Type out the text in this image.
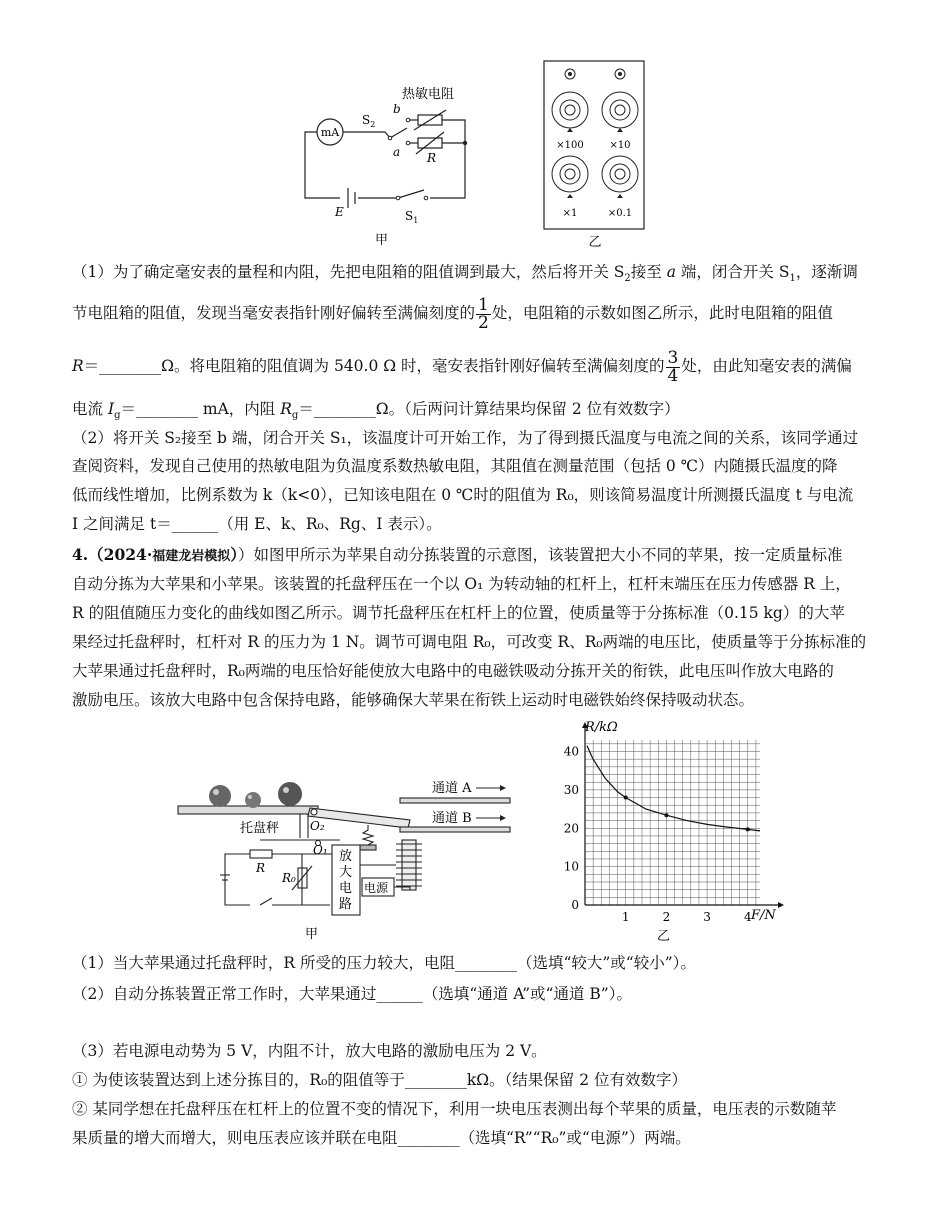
mA
热敏电阻
$S_2$
b
a R
E	$S_1$
甲
×100	×10
×1	×0.1
乙
（1）为了确定毫安表的量程和内阻，先把电阻箱的阻值调到最大，然后将开关 $S_2$接至 a 端，闭合开关 $S_1$，逐渐调
节电阻箱的阻值，发现当毫安表指针刚好偏转至满偏刻度的 $\frac{1}{2}$ 处，电阻箱的示数如图乙所示，此时电阻箱的阻值
R＝________Ω。将电阻箱的阻值调为 540.0 Ω 时，毫安表指针刚好偏转至满偏刻度的 $\frac{3}{4}$ 处，由此知毫安表的满偏
电流 $I_g=\_\_\_\_\_\_\_\_$ mA，内阻 $R_g=\_\_\_\_\_\_\_\_\Omega$。（后两问计算结果均保留 2 位有效数字）
（2）将开关 S₂接至 b 端，闭合开关 S₁，该温度计可开始工作，为了得到摄氏温度与电流之间的关系，该同学通过
查阅资料，发现自己使用的热敏电阻为负温度系数热敏电阻，其阻值在测量范围（包括 0 ℃）内随摄氏温度的降
低而线性增加，比例系数为 k（k<0），已知该电阻在 0 ℃时的阻值为 R₀，则该简易温度计所测摄氏温度 t 与电流
I 之间满足 t＝______（用 E、k、R₀、Rg、I 表示）。
4.（2024·福建龙岩模拟））如图甲所示为苹果自动分拣装置的示意图，该装置把大小不同的苹果，按一定质量标准
自动分拣为大苹果和小苹果。该装置的托盘秤压在一个以 O₁ 为转动轴的杠杆上，杠杆末端压在压力传感器 R 上，
R 的阻值随压力变化的曲线如图乙所示。调节托盘秤压在杠杆上的位置，使质量等于分拣标准（0.15 kg）的大苹
果经过托盘秤时，杠杆对 R 的压力为 1 N。调节可调电阻 R₀，可改变 R、R₀两端的电压比，使质量等于分拣标准的
大苹果通过托盘秤时，R₀两端的电压恰好能使放大电路中的电磁铁吸动分拣开关的衔铁，此电压叫作放大电路的
激励电压。该放大电路中包含保持电路，能够确保大苹果在衔铁上运动时电磁铁始终保持吸动状态。
通道 A
通道 B
托盘秤	O₂
O₁
R
R₀
放
大
电
路
电源
甲
0
10
20
30
40
1	2	3	4
R/kΩ
F/N
乙
（1）当大苹果通过托盘秤时，R 所受的压力较大，电阻________（选填“较大”或“较小”）。
（2）自动分拣装置正常工作时，大苹果通过______（选填“通道 A”或“通道 B”）。
（3）若电源电动势为 5 V，内阻不计，放大电路的激励电压为 2 V。
① 为使该装置达到上述分拣目的，R₀的阻值等于________kΩ。（结果保留 2 位有效数字）
② 某同学想在托盘秤压在杠杆上的位置不变的情况下，利用一块电压表测出每个苹果的质量，电压表的示数随苹
果质量的增大而增大，则电压表应该并联在电阻________（选填“R”“R₀”或“电源”）两端。
